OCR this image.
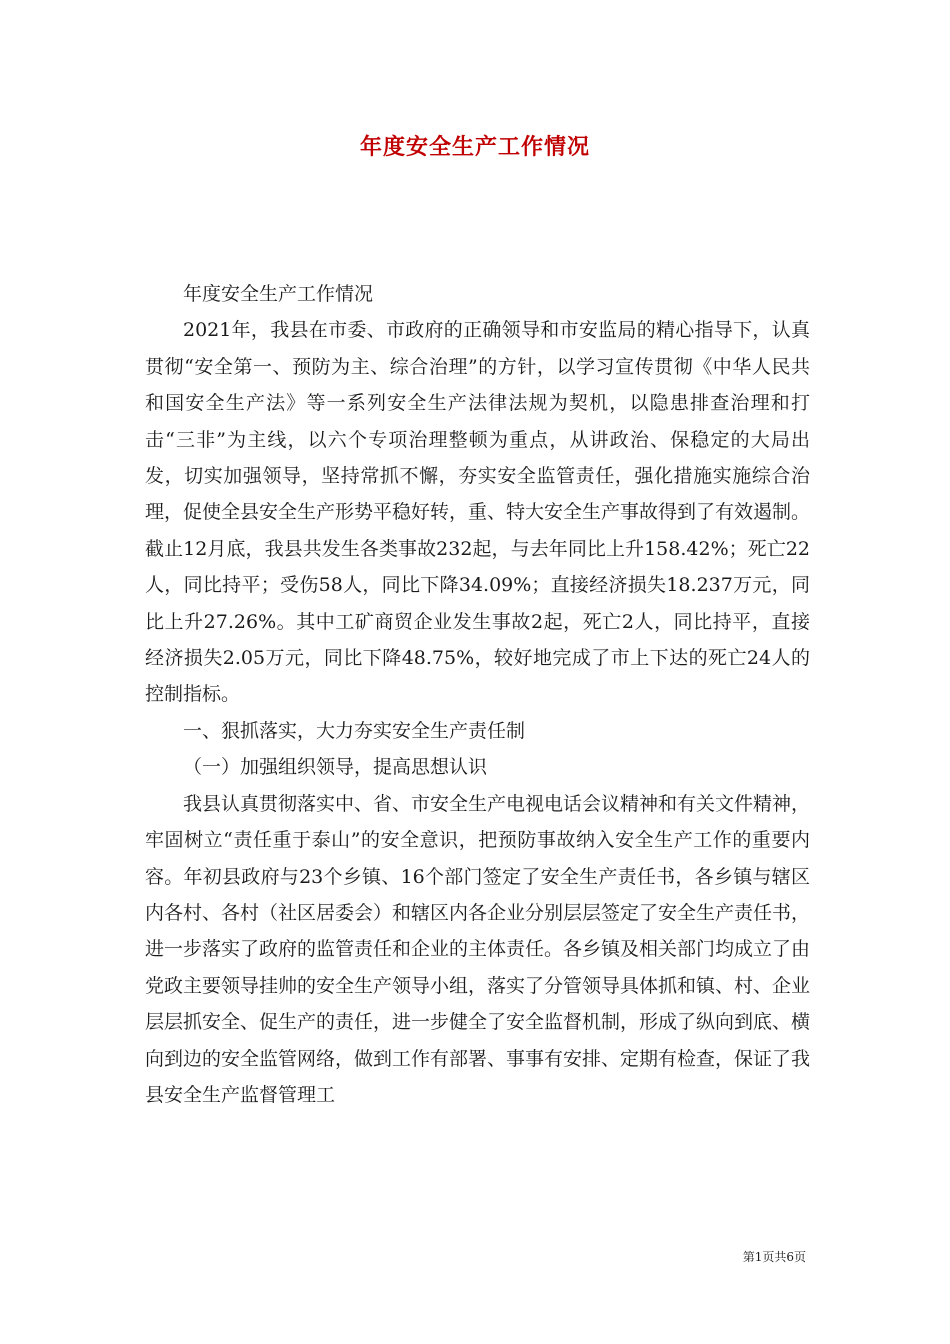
年度安全生产工作情况

年度安全生产工作情况

2021年，我县在市委、市政府的正确领导和市安监局的精心指导下，认真贯彻“安全第一、预防为主、综合治理”的方针，以学习宣传贯彻《中华人民共和国安全生产法》等一系列安全生产法律法规为契机，以隐患排查治理和打击“三非”为主线，以六个专项治理整顿为重点，从讲政治、保稳定的大局出发，切实加强领导，坚持常抓不懈，夯实安全监管责任，强化措施实施综合治理，促使全县安全生产形势平稳好转，重、特大安全生产事故得到了有效遏制。截止12月底，我县共发生各类事故232起，与去年同比上升158.42%；死亡22人，同比持平；受伤58人，同比下降34.09%；直接经济损失18.237万元，同比上升27.26%。其中工矿商贸企业发生事故2起，死亡2人，同比持平，直接经济损失2.05万元，同比下降48.75%，较好地完成了市上下达的死亡24人的控制指标。

一、狠抓落实，大力夯实安全生产责任制

（一）加强组织领导，提高思想认识

我县认真贯彻落实中、省、市安全生产电视电话会议精神和有关文件精神，牢固树立“责任重于泰山”的安全意识，把预防事故纳入安全生产工作的重要内容。年初县政府与23个乡镇、16个部门签定了安全生产责任书，各乡镇与辖区内各村、各村（社区居委会）和辖区内各企业分别层层签定了安全生产责任书，进一步落实了政府的监管责任和企业的主体责任。各乡镇及相关部门均成立了由党政主要领导挂帅的安全生产领导小组，落实了分管领导具体抓和镇、村、企业层层抓安全、促生产的责任，进一步健全了安全监督机制，形成了纵向到底、横向到边的安全监管网络，做到工作有部署、事事有安排、定期有检查，保证了我县安全生产监督管理工

第1页共6页
